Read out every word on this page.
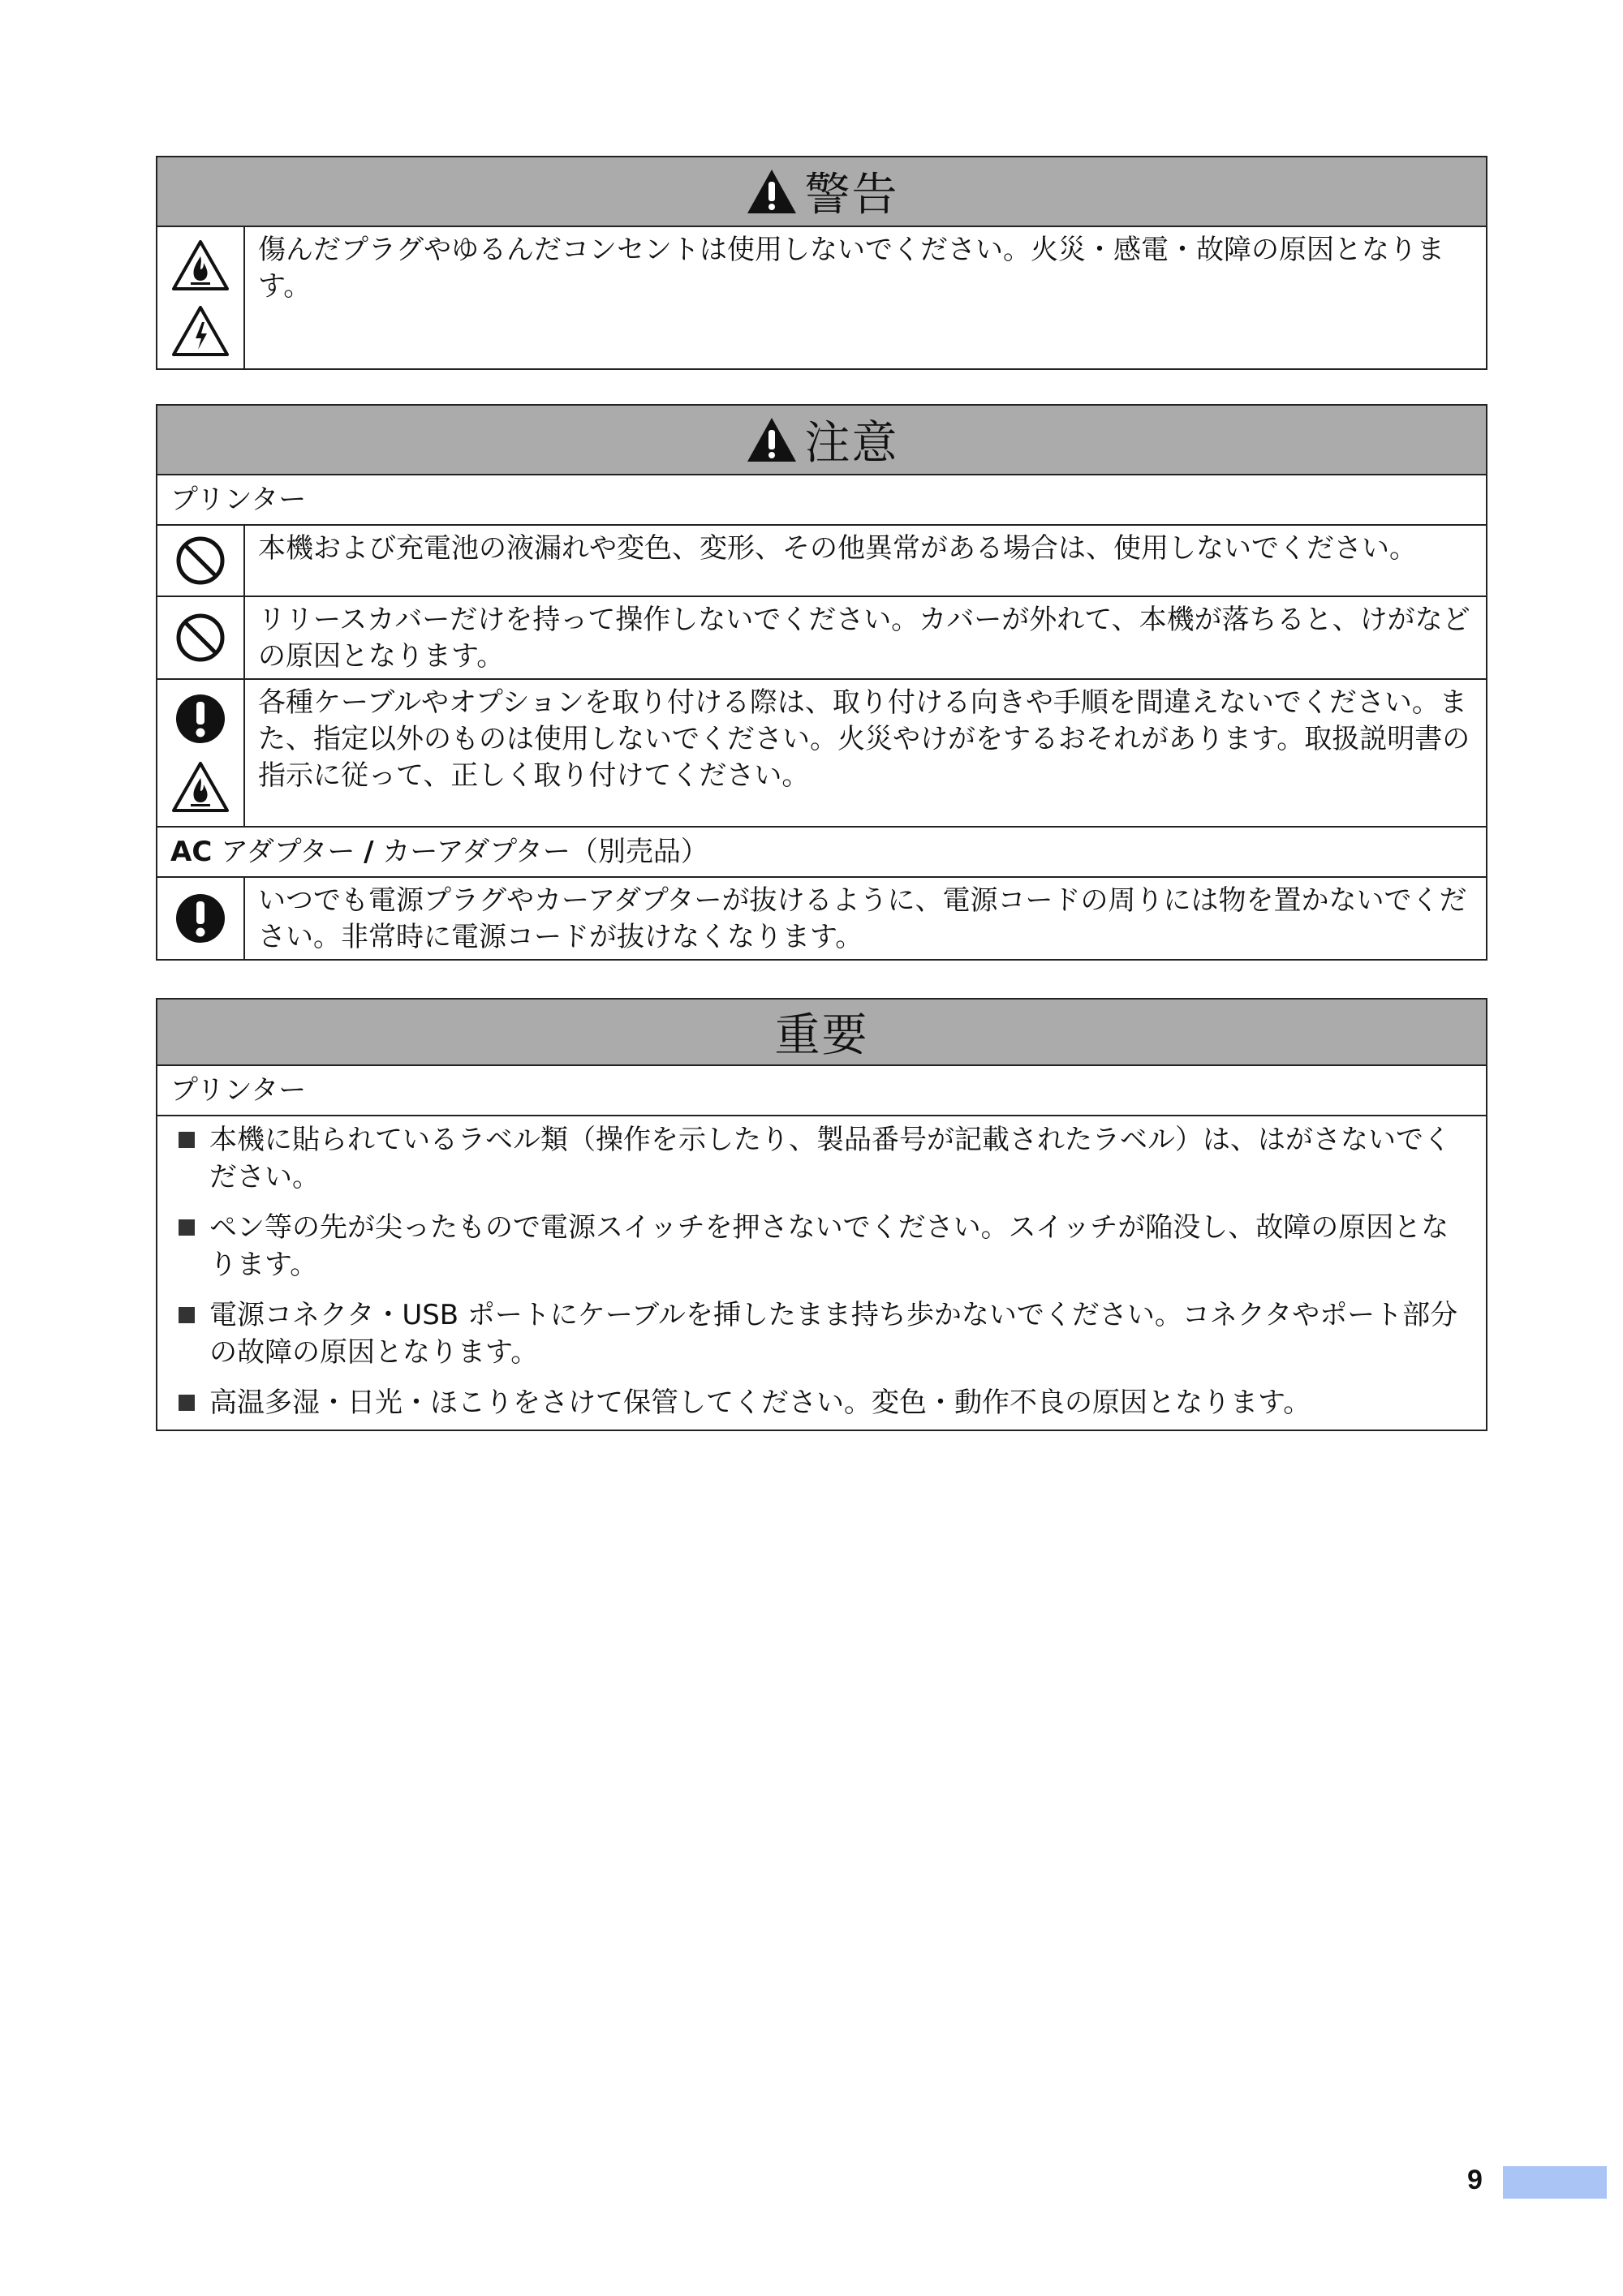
警告
傷んだプラグやゆるんだコンセントは使用しないでください。火災・感電・故障の原因となります。
注意
プリンター
本機および充電池の液漏れや変色、変形、その他異常がある場合は、使用しないでください。
リリースカバーだけを持って操作しないでください。カバーが外れて、本機が落ちると、けがなどの原因となります。
各種ケーブルやオプションを取り付ける際は、取り付ける向きや手順を間違えないでください。また、指定以外のものは使用しないでください。火災やけがをするおそれがあります。取扱説明書の指示に従って、正しく取り付けてください。
AC アダプター / カーアダプター（別売品）
いつでも電源プラグやカーアダプターが抜けるように、電源コードの周りには物を置かないでください。非常時に電源コードが抜けなくなります。
重要
プリンター
本機に貼られているラベル類（操作を示したり、製品番号が記載されたラベル）は、はがさないでください。
ペン等の先が尖ったもので電源スイッチを押さないでください。スイッチが陥没し、故障の原因となります。
電源コネクタ・USB ポートにケーブルを挿したまま持ち歩かないでください。コネクタやポート部分の故障の原因となります。
高温多湿・日光・ほこりをさけて保管してください。変色・動作不良の原因となります。
9
